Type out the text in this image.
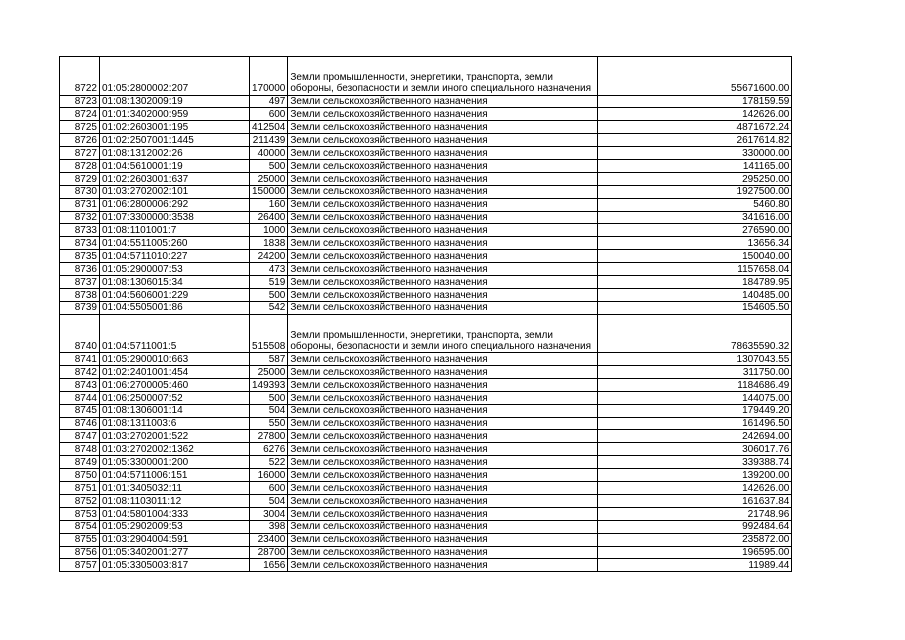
8722	01:05:2800002:207	170000	Земли промышленности, энергетики, транспорта, земли обороны, безопасности и земли иного специального назначения	55671600.00
8723	01:08:1302009:19	497	Земли сельскохозяйственного назначения	178159.59
8724	01:01:3402000:959	600	Земли сельскохозяйственного назначения	142626.00
8725	01:02:2603001:195	412504	Земли сельскохозяйственного назначения	4871672.24
8726	01:02:2507001:1445	211439	Земли сельскохозяйственного назначения	2617614.82
8727	01:08:1312002:26	40000	Земли сельскохозяйственного назначения	330000.00
8728	01:04:5610001:19	500	Земли сельскохозяйственного назначения	141165.00
8729	01:02:2603001:637	25000	Земли сельскохозяйственного назначения	295250.00
8730	01:03:2702002:101	150000	Земли сельскохозяйственного назначения	1927500.00
8731	01:06:2800006:292	160	Земли сельскохозяйственного назначения	5460.80
8732	01:07:3300000:3538	26400	Земли сельскохозяйственного назначения	341616.00
8733	01:08:1101001:7	1000	Земли сельскохозяйственного назначения	276590.00
8734	01:04:5511005:260	1838	Земли сельскохозяйственного назначения	13656.34
8735	01:04:5711010:227	24200	Земли сельскохозяйственного назначения	150040.00
8736	01:05:2900007:53	473	Земли сельскохозяйственного назначения	1157658.04
8737	01:08:1306015:34	519	Земли сельскохозяйственного назначения	184789.95
8738	01:04:5606001:229	500	Земли сельскохозяйственного назначения	140485.00
8739	01:04:5505001:86	542	Земли сельскохозяйственного назначения	154605.50
8740	01:04:5711001:5	515508	Земли промышленности, энергетики, транспорта, земли обороны, безопасности и земли иного специального назначения	78635590.32
8741	01:05:2900010:663	587	Земли сельскохозяйственного назначения	1307043.55
8742	01:02:2401001:454	25000	Земли сельскохозяйственного назначения	311750.00
8743	01:06:2700005:460	149393	Земли сельскохозяйственного назначения	1184686.49
8744	01:06:2500007:52	500	Земли сельскохозяйственного назначения	144075.00
8745	01:08:1306001:14	504	Земли сельскохозяйственного назначения	179449.20
8746	01:08:1311003:6	550	Земли сельскохозяйственного назначения	161496.50
8747	01:03:2702001:522	27800	Земли сельскохозяйственного назначения	242694.00
8748	01:03:2702002:1362	6276	Земли сельскохозяйственного назначения	306017.76
8749	01:05:3300001:200	522	Земли сельскохозяйственного назначения	339388.74
8750	01:04:5711006:151	16000	Земли сельскохозяйственного назначения	139200.00
8751	01:01:3405032:11	600	Земли сельскохозяйственного назначения	142626.00
8752	01:08:1103011:12	504	Земли сельскохозяйственного назначения	161637.84
8753	01:04:5801004:333	3004	Земли сельскохозяйственного назначения	21748.96
8754	01:05:2902009:53	398	Земли сельскохозяйственного назначения	992484.64
8755	01:03:2904004:591	23400	Земли сельскохозяйственного назначения	235872.00
8756	01:05:3402001:277	28700	Земли сельскохозяйственного назначения	196595.00
8757	01:05:3305003:817	1656	Земли сельскохозяйственного назначения	11989.44
